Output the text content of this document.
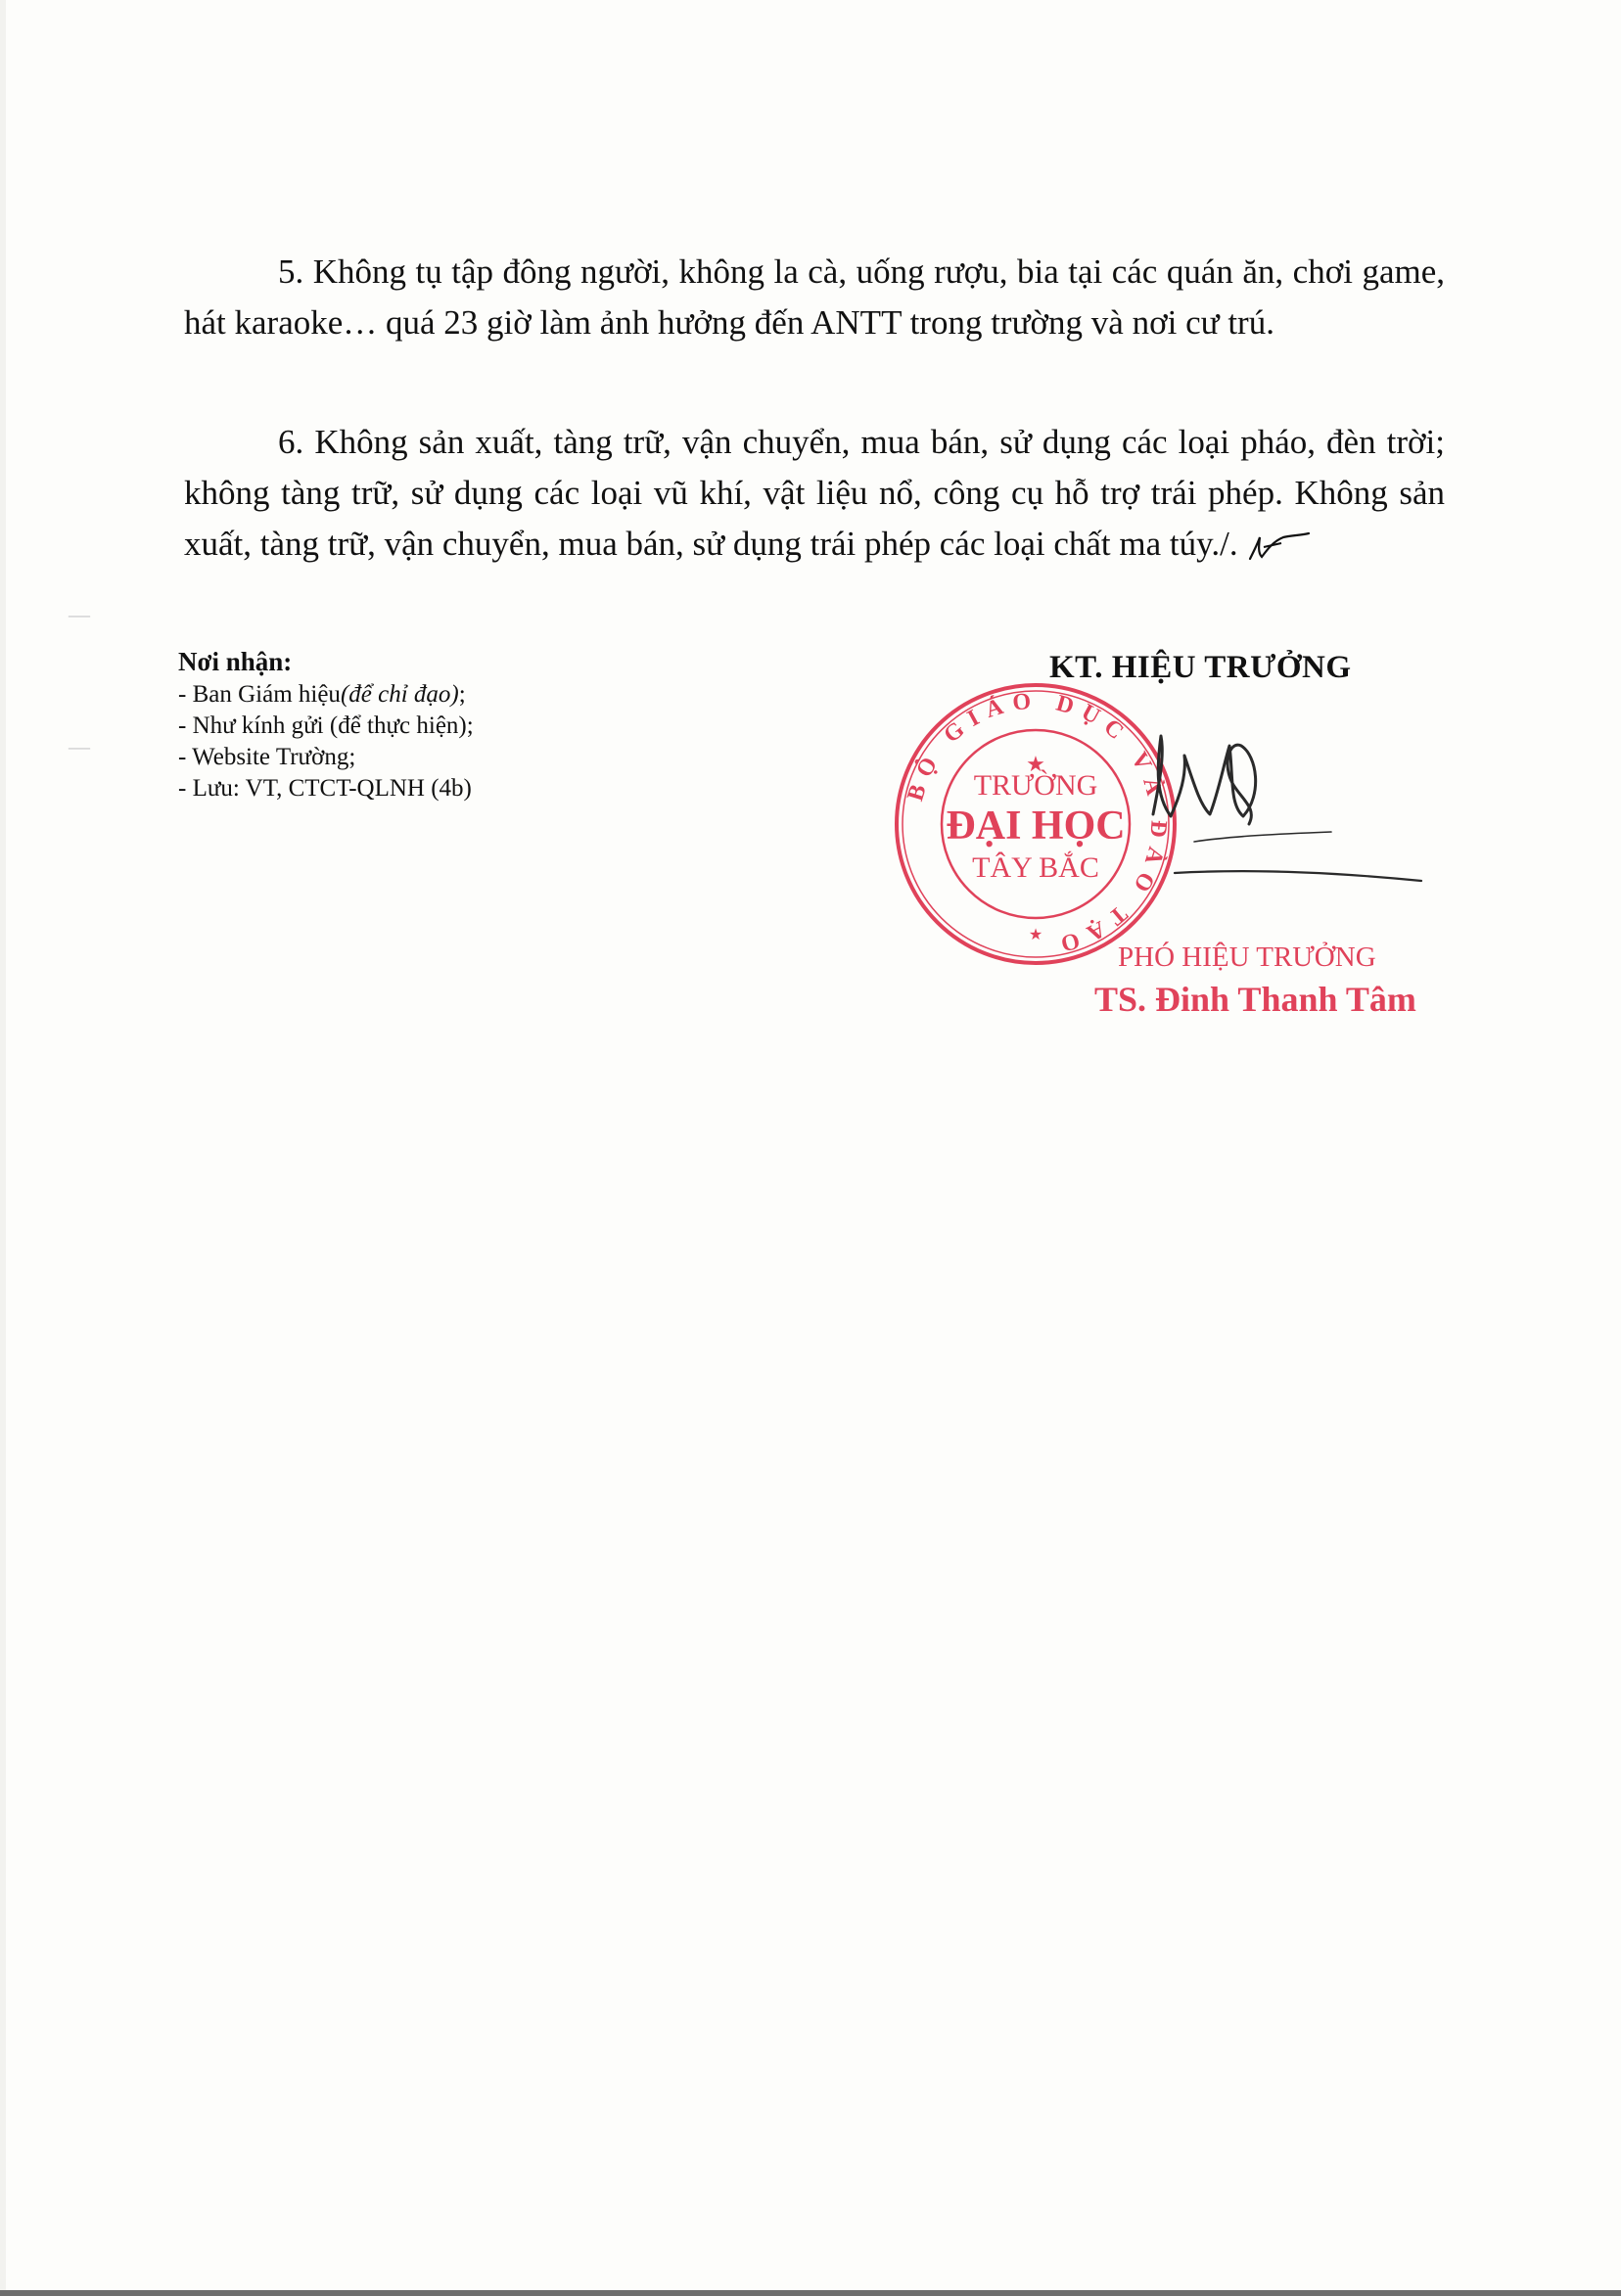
—
—

5. Không tụ tập đông người, không la cà, uống rượu, bia tại các quán ăn, chơi game, hát karaoke… quá 23 giờ làm ảnh hưởng đến ANTT trong trường và nơi cư trú.

6. Không sản xuất, tàng trữ, vận chuyển, mua bán, sử dụng các loại pháo, đèn trời; không tàng trữ, sử dụng các loại vũ khí, vật liệu nổ, công cụ hỗ trợ trái phép. Không sản xuất, tàng trữ, vận chuyển, mua bán, sử dụng trái phép các loại chất ma túy./.

Nơi nhận:
- Ban Giám hiệu(để chỉ đạo);
- Như kính gửi (để thực hiện);
- Website Trường;
- Lưu: VT, CTCT-QLNH (4b)
KT. HIỆU TRƯỞNG
BỘ GIÁO DỤC VÀ ĐÀO TẠO
★
TRƯỜNG
ĐẠI HỌC
TÂY BẮC
★
PHÓ HIỆU TRƯỞNG
TS. Đinh Thanh Tâm
